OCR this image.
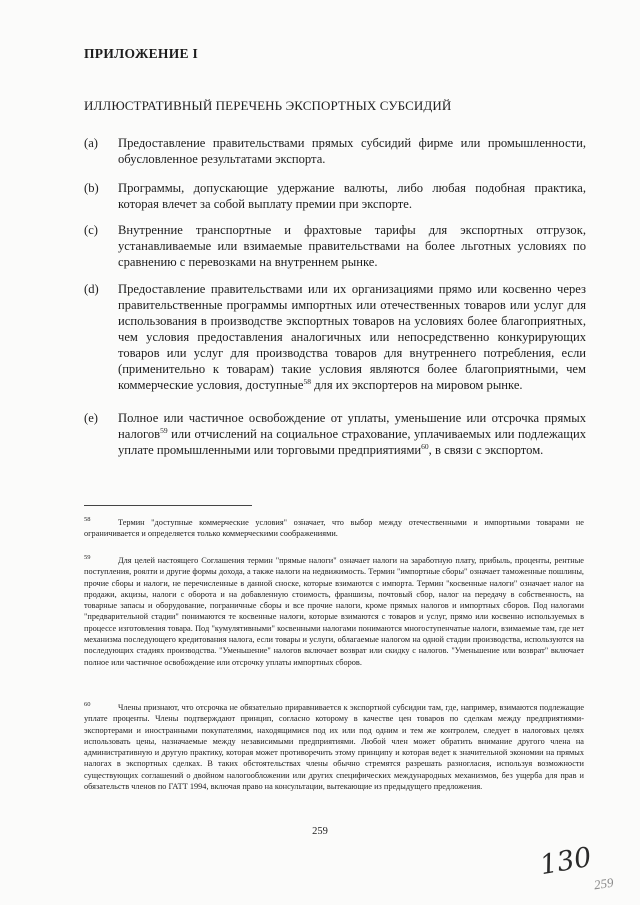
ПРИЛОЖЕНИЕ I
ИЛЛЮСТРАТИВНЫЙ ПЕРЕЧЕНЬ ЭКСПОРТНЫХ СУБСИДИЙ
(a) Предоставление правительствами прямых субсидий фирме или промышленности, обусловленное результатами экспорта.
(b) Программы, допускающие удержание валюты, либо любая подобная практика, которая влечет за собой выплату премии при экспорте.
(c) Внутренние транспортные и фрахтовые тарифы для экспортных отгрузок, устанавливаемые или взимаемые правительствами на более льготных условиях по сравнению с перевозками на внутреннем рынке.
(d) Предоставление правительствами или их организациями прямо или косвенно через правительственные программы импортных или отечественных товаров или услуг для использования в производстве экспортных товаров на условиях более благоприятных, чем условия предоставления аналогичных или непосредственно конкурирующих товаров или услуг для производства товаров для внутреннего потребления, если (применительно к товарам) такие условия являются более благоприятными, чем коммерческие условия, доступные$^{58}$ для их экспортеров на мировом рынке.
(e) Полное или частичное освобождение от уплаты, уменьшение или отсрочка прямых налогов$^{59}$ или отчислений на социальное страхование, уплачиваемых или подлежащих уплате промышленными или торговыми предприятиями$^{60}$, в связи с экспортом.
58	Термин "доступные коммерческие условия" означает, что выбор между отечественными и импортными товарами не ограничивается и определяется только коммерческими соображениями.

59	Для целей настоящего Соглашения термин "прямые налоги" означает налоги на заработную плату, прибыль, проценты, рентные поступления, роялти и другие формы дохода, а также налоги на недвижимость. Термин "импортные сборы" означает таможенные пошлины, прочие сборы и налоги, не перечисленные в данной сноске, которые взимаются с импорта. Термин "косвенные налоги" означает налог на продажи, акцизы, налоги с оборота и на добавленную стоимость, франшизы, почтовый сбор, налог на передачу в собственность, на товарные запасы и оборудование, пограничные сборы и все прочие налоги, кроме прямых налогов и импортных сборов. Под налогами "предварительной стадии" понимаются те косвенные налоги, которые взимаются с товаров и услуг, прямо или косвенно используемых в процессе изготовления товара. Под "кумулятивными" косвенными налогами понимаются многоступенчатые налоги, взимаемые там, где нет механизма последующего кредитования налога, если товары и услуги, облагаемые налогом на одной стадии производства, используются на последующих стадиях производства. "Уменьшение" налогов включает возврат или скидку с налогов. "Уменьшение или возврат" включает полное или частичное освобождение или отсрочку уплаты импортных сборов.

60	Члены признают, что отсрочка не обязательно приравнивается к экспортной субсидии там, где, например, взимаются подлежащие уплате проценты. Члены подтверждают принцип, согласно которому в качестве цен товаров по сделкам между предприятиями-экспортерами и иностранными покупателями, находящимися под их или под одним и тем же контролем, следует в налоговых целях использовать цены, назначаемые между независимыми предприятиями. Любой член может обратить внимание другого члена на административную и другую практику, которая может противоречить этому принципу и которая ведет к значительной экономии на прямых налогах в экспортных сделках. В таких обстоятельствах члены обычно стремятся разрешать разногласия, используя возможности существующих соглашений о двойном налогообложении или других специфических международных механизмов, без ущерба для прав и обязательств членов по ГАТТ 1994, включая право на консультации, вытекающие из предыдущего предложения.

259

130

259
